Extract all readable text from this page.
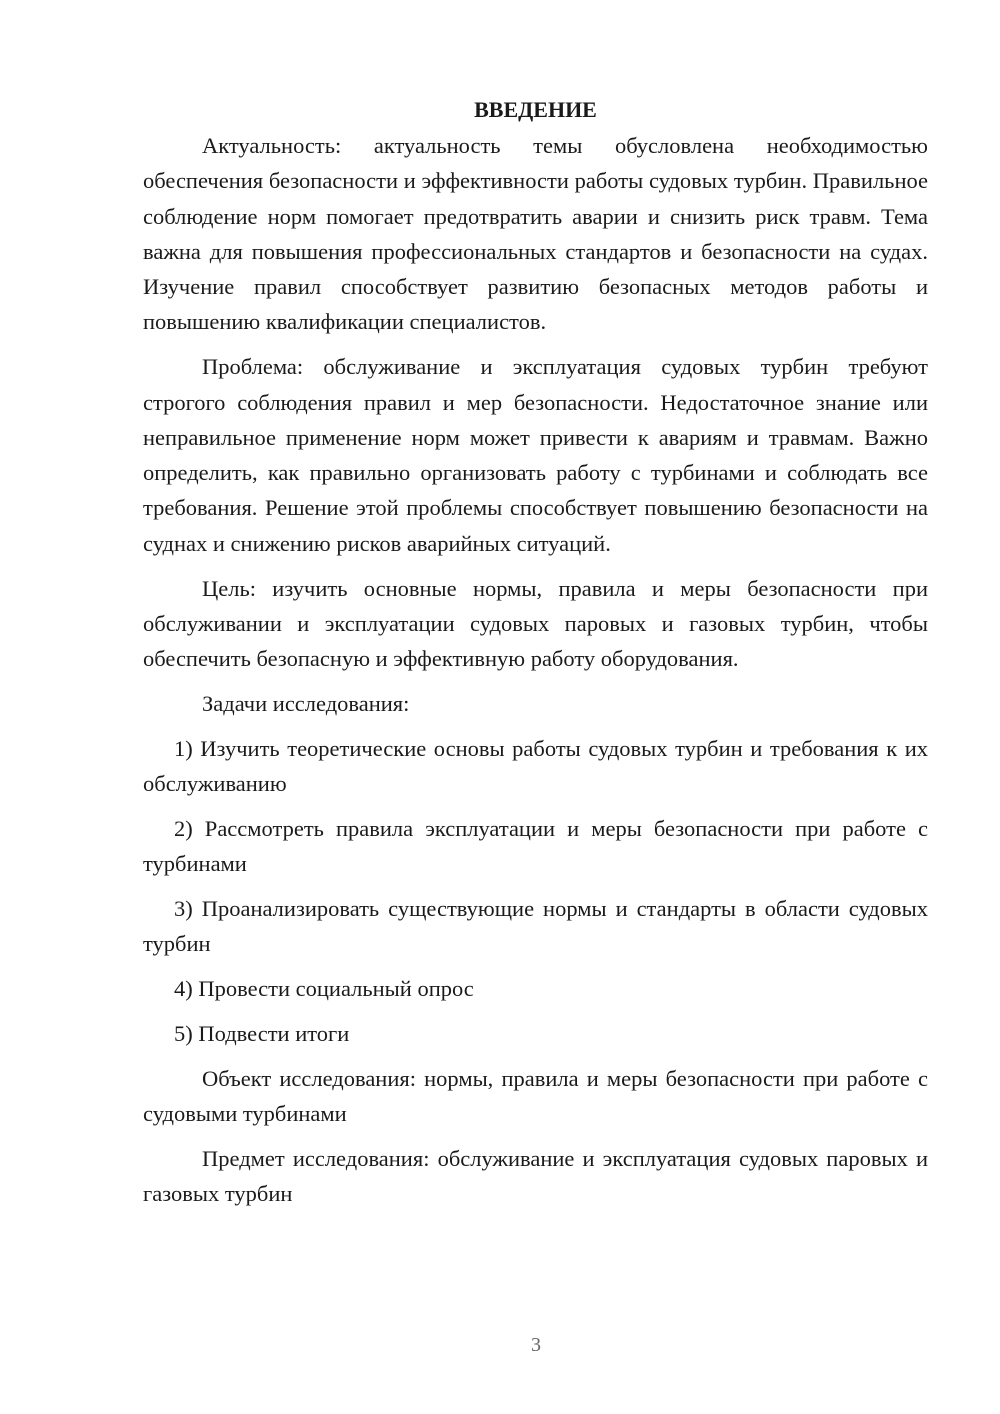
ВВЕДЕНИЕ

Актуальность: актуальность темы обусловлена необходимостью обеспечения безопасности и эффективности работы судовых турбин. Правильное соблюдение норм помогает предотвратить аварии и снизить риск травм. Тема важна для повышения профессиональных стандартов и безопасности на судах. Изучение правил способствует развитию безопасных методов работы и повышению квалификации специалистов.

Проблема: обслуживание и эксплуатация судовых турбин требуют строгого соблюдения правил и мер безопасности. Недостаточное знание или неправильное применение норм может привести к авариям и травмам. Важно определить, как правильно организовать работу с турбинами и соблюдать все требования. Решение этой проблемы способствует повышению безопасности на суднах и снижению рисков аварийных ситуаций.

Цель: изучить основные нормы, правила и меры безопасности при обслуживании и эксплуатации судовых паровых и газовых турбин, чтобы обеспечить безопасную и эффективную работу оборудования.

Задачи исследования:

1) Изучить теоретические основы работы судовых турбин и требования к их обслуживанию

2) Рассмотреть правила эксплуатации и меры безопасности при работе с турбинами

3) Проанализировать существующие нормы и стандарты в области судовых турбин

4) Провести социальный опрос

5) Подвести итоги

Объект исследования: нормы, правила и меры безопасности при работе с судовыми турбинами

Предмет исследования: обслуживание и эксплуатация судовых паровых и газовых турбин

3
